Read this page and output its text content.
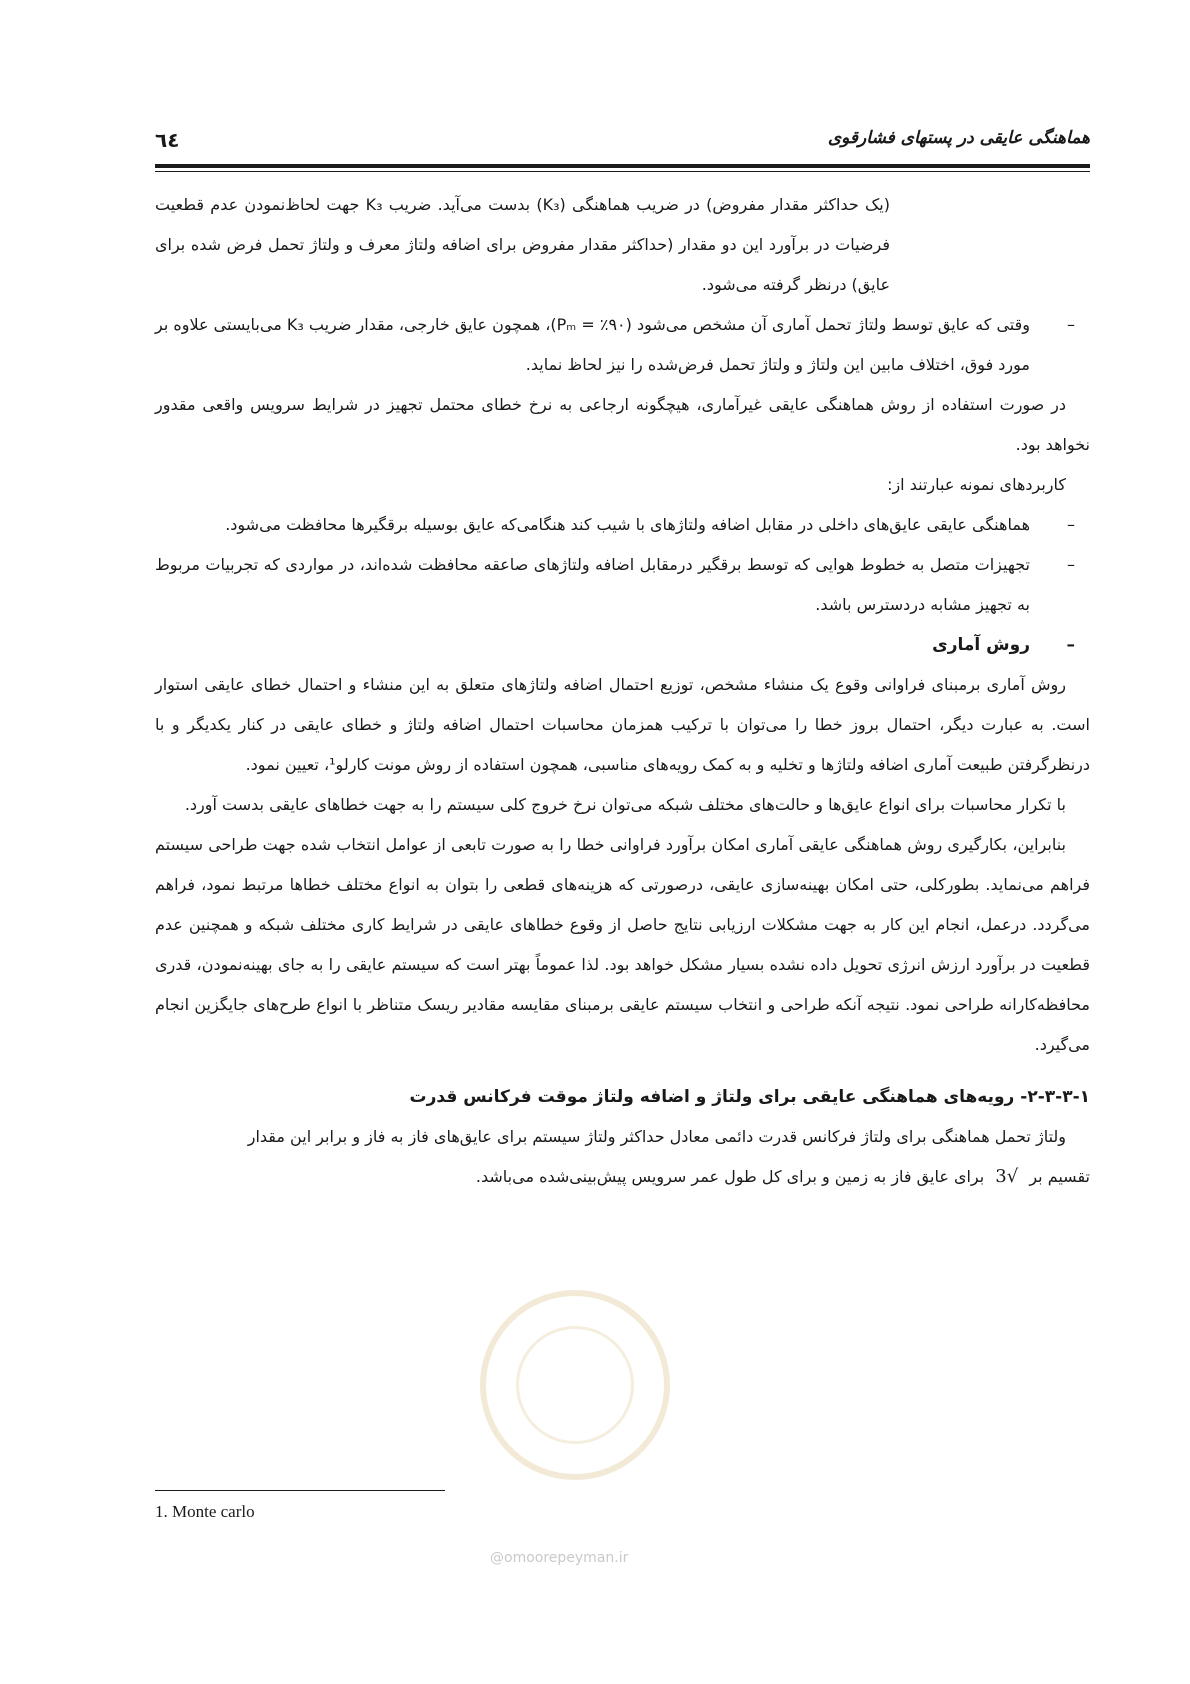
هماهنگی عایقی در پستهای فشارقوی
٦٤

(یک حداکثر مقدار مفروض) در ضریب هماهنگی (K₃) بدست می‌آید. ضریب K₃ جهت لحاظ‌نمودن عدم قطعیت فرضیات در برآورد این دو مقدار (حداکثر مقدار مفروض برای اضافه ولتاژ معرف و ولتاژ تحمل فرض شده برای عایق) درنظر گرفته می‌شود.

–
وقتی که عایق توسط ولتاژ تحمل آماری آن مشخص می‌شود (Pₘ = ٪۹۰)، همچون عایق خارجی، مقدار ضریب K₃ می‌بایستی علاوه بر مورد فوق، اختلاف مابین این ولتاژ و ولتاژ تحمل فرض‌شده را نیز لحاظ نماید.

در صورت استفاده از روش هماهنگی عایقی غیرآماری، هیچگونه ارجاعی به نرخ خطای محتمل تجهیز در شرایط سرویس واقعی مقدور نخواهد بود.

کاربردهای نمونه عبارتند از:

–
هماهنگی عایقی عایق‌های داخلی در مقابل اضافه ولتاژهای با شیب کند هنگامی‌که عایق بوسیله برقگیرها محافظت می‌شود.

–
تجهیزات متصل به خطوط هوایی که توسط برقگیر درمقابل اضافه ولتاژهای صاعقه محافظت شده‌اند، در مواردی که تجربیات مربوط به تجهیز مشابه دردسترس باشد.

–
روش آماری

روش آماری برمبنای فراوانی وقوع یک منشاء مشخص، توزیع احتمال اضافه ولتاژهای متعلق به این منشاء و احتمال خطای عایقی استوار است. به عبارت دیگر، احتمال بروز خطا را می‌توان با ترکیب همزمان محاسبات احتمال اضافه ولتاژ و خطای عایقی در کنار یکدیگر و با درنظرگرفتن طبیعت آماری اضافه ولتاژها و تخلیه و به کمک رویه‌های مناسبی، همچون استفاده از روش مونت کارلو¹، تعیین نمود.

با تکرار محاسبات برای انواع عایق‌ها و حالت‌های مختلف شبکه می‌توان نرخ خروج کلی سیستم را به جهت خطاهای عایقی بدست آورد.

بنابراین، بکارگیری روش هماهنگی عایقی آماری امکان برآورد فراوانی خطا را به صورت تابعی از عوامل انتخاب شده جهت طراحی سیستم فراهم می‌نماید. بطورکلی، حتی امکان بهینه‌سازی عایقی، درصورتی که هزینه‌های قطعی را بتوان به انواع مختلف خطاها مرتبط نمود، فراهم می‌گردد. درعمل، انجام این کار به جهت مشکلات ارزیابی نتایج حاصل از وقوع خطاهای عایقی در شرایط کاری مختلف شبکه و همچنین عدم قطعیت در برآورد ارزش انرژی تحویل داده نشده بسیار مشکل خواهد بود. لذا عموماً بهتر است که سیستم عایقی را به جای بهینه‌نمودن، قدری محافظه‌کارانه طراحی نمود. نتیجه آنکه طراحی و انتخاب سیستم عایقی برمبنای مقایسه مقادیر ریسک متناظر با انواع طرح‌های جایگزین انجام می‌گیرد.

۲-۳-۳-۱- رویه‌های هماهنگی عایقی برای ولتاژ و اضافه ولتاژ موقت فرکانس قدرت

ولتاژ تحمل هماهنگی برای ولتاژ فرکانس قدرت دائمی معادل حداکثر ولتاژ سیستم برای عایق‌های فاز به فاز و برابر این مقدار

تقسیم بر √3 برای عایق فاز به زمین و برای کل طول عمر سرویس پیش‌بینی‌شده می‌باشد.

1. Monte carlo
@omoorepeyman.ir
